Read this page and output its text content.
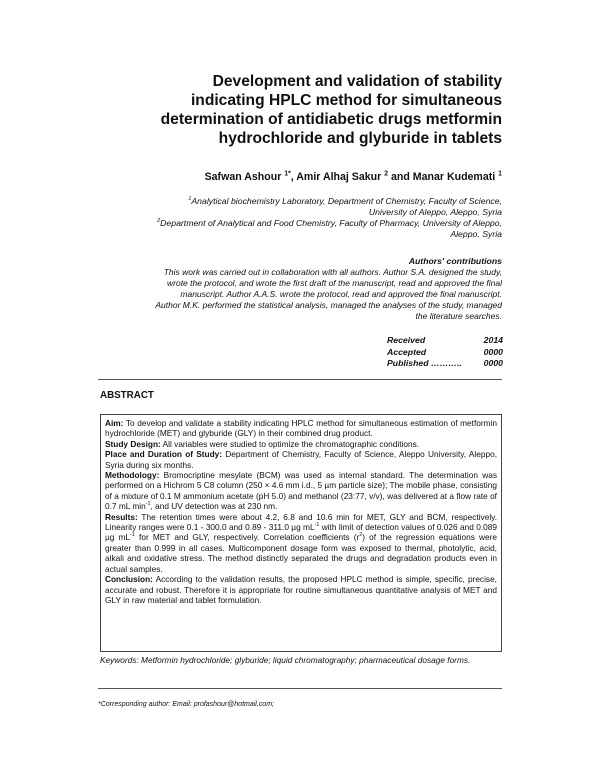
Development and validation of stability
indicating HPLC method for simultaneous
determination of antidiabetic drugs metformin
hydrochloride and glyburide in tablets
Safwan Ashour $^{1*}$, Amir Alhaj Sakur $^2$ and Manar Kudemati $^1$
$^1$Analytical biochemistry Laboratory, Department of Chemistry, Faculty of Science,
University of Aleppo, Aleppo, Syria
$^2$Department of Analytical and Food Chemistry, Faculty of Pharmacy, University of Aleppo,
Aleppo, Syria
Authors' contributions
This work was carried out in collaboration with all authors. Author S.A. designed the study,
wrote the protocol, and wrote the first draft of the manuscript, read and approved the final
manuscript. Author A.A.S. wrote the protocol, read and approved the final manuscript.
Author M.K. performed the statistical analysis, managed the analyses of the study, managed
the literature searches.
Received	2014
Accepted	0000
Published ………..	0000
ABSTRACT

Aim: To develop and validate a stability indicating HPLC method for simultaneous estimation of metformin hydrochloride (MET) and glyburide (GLY) in their combined drug product.

Study Design: All variables were studied to optimize the chromatographic conditions.

Place and Duration of Study: Department of Chemistry, Faculty of Science, Aleppo University, Aleppo, Syria during six months.

Methodology: Bromocriptine mesylate (BCM) was used as internal standard. The determination was performed on a Hichrom 5 C8 column (250 × 4.6 mm i.d., 5 µm particle size); The mobile phase, consisting of a mixture of 0.1 M ammonium acetate (pH 5.0) and methanol (23:77, v/v), was delivered at a flow rate of 0.7 mL $\min^{-1}$, and UV detection was at 230 nm.

Results: The retention times were about 4.2, 6.8 and 10.6 min for MET, GLY and BCM, respectively. Linearity ranges were 0.1 - 300.0 and 0.89 - 311.0 µg $mL^{-1}$ with limit of detection values of 0.026 and 0.089 µg $mL^{-1}$ for MET and GLY, respectively. Correlation coefficients $(r^2)$ of the regression equations were greater than 0.999 in all cases. Multicomponent dosage form was exposed to thermal, photolytic, acid, alkali and oxidative stress. The method distinctly separated the drugs and degradation products even in actual samples.

Conclusion: According to the validation results, the proposed HPLC method is simple, specific, precise, accurate and robust. Therefore it is appropriate for routine simultaneous quantitative analysis of MET and GLY in raw material and tablet formulation.

Keywords: Metformin hydrochloride; glyburide; liquid chromatography; pharmaceutical dosage forms.
*Corresponding author: Email: profashour@hotmail.com;
